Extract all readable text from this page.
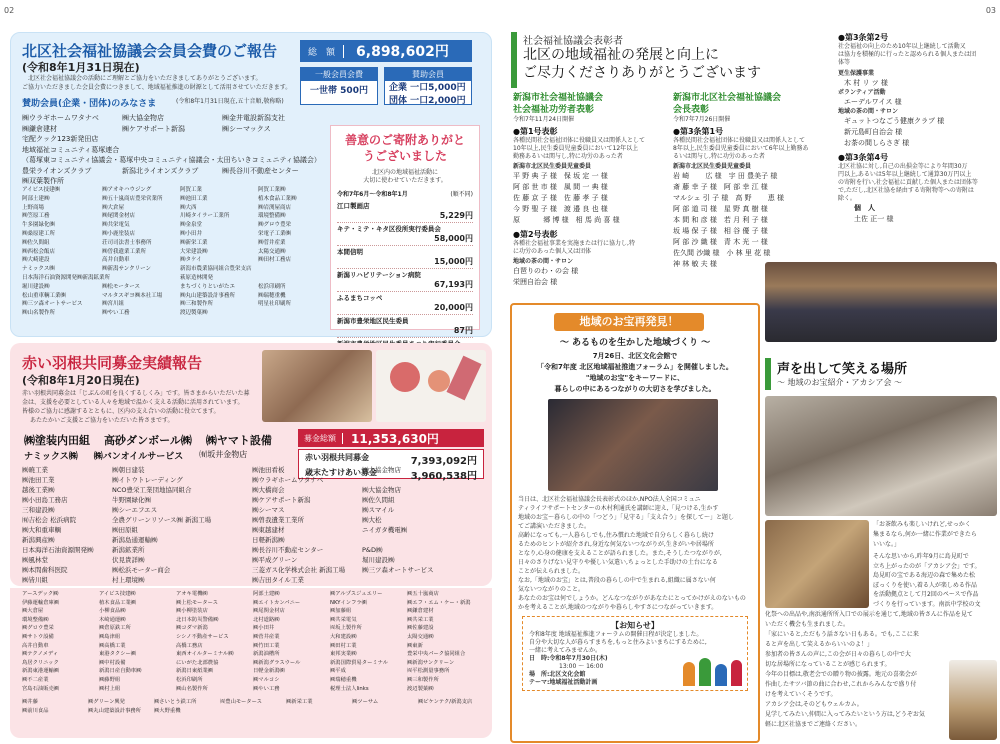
02
北区社会福祉協議会会員会費のご報告
(令和8年1月31日現在)
北区社会福祉協議会の活動にご理解とご協力をいただきましてありがとうございます。
ご協力いただきました会員会費につきまして、地域福祉推進の財源として活用させていただきます。
賛助会員(企業・団体)のみなさま	(令和8年1月31日現在,五十音順,敬称略)
総　額	6,898,602円
一般会員会費
一世帯 500円
賛助会員
企業 一口5,000円
団体 一口2,000円
㈱ウラギホームワタナベ	㈱大協金物店	㈱金井電設新潟支社
㈱鎌倉建材	㈱ケアサポート新潟	㈱シーマックス
宅配クック123新発田店
地域福祉コミュニティ葛塚連合
（葛塚東コミュニティ協議会・葛塚中央コミュニティ協議会・太田ちいきコミュニティ協議会）
豊栄ライオンズクラブ	新潟北ライオンズクラブ	㈱長谷川不動産センター
㈱双葉製作所
アイビス技建㈱	㈱アオキハウジング	阿賀工業	阿賀工業㈱
阿部土建㈱	㈱五十嵐商店豊栄営業所	㈱池田工業	植木食品工業㈱
上野商場	㈱大倉屋	㈱大西	㈱岩渕屋商店
㈱笠原工務	㈱尾関金材店	川崎タイラー工業所	環境整備㈱
牛多園緑化㈱	㈱共栄電気	㈱金泉堂	㈱グロウ豊栄
㈱桑原建工所	㈱小鹿塗装店	㈱小田井	栄電子工業㈱
㈱佐久間組	荘司司法書士事務所	㈱新栄工業	㈱菅井産業
㈱西松会飯店	㈱曽我遺業工業所	大栄建設㈱	太陽交通㈱
㈱大崎建設	高井自動車	㈱タケイ	㈱田村工務店
ナミックス㈱	㈱新潟サンクリーン	新潟市農業協同組合豊栄支店

日本海洋石油資源開発㈱新潟鉱業所	萩原造林開発

堀川建設㈱	㈱松モータース	まちづくりといがたエ	松浜印刷所
松山重車輌工業㈱	マルタスギヨ㈱本社工場	㈱丸山建築設計事務所	㈱瑞穂重機
㈱三ツ森オートサービス	㈱宮川組	㈱三和製作所	明星社印刷所
㈱山名製作所	㈱やい工務	渡辺製菓㈱
善意のご寄附ありがとうございました
北区内の地域福祉活動に
大切に使わせていただきます。
令和7年6月～令和8年1月	(順不同)
江口製画店
5,229円
キテ・ミテ・キタ区役所実行委員会
58,000円
本間信明
15,000円
新潟リハビリテーション病院
67,193円
ふるまちコッペ
20,000円
新潟市豊栄地区民生委員
87円
赤い羽根共同募金実績報告
(令和8年1月20日現在)
赤い羽根共同募金は「じぶんの町を良くするしくみ」です。皆さまからいただいた募
金は、支援を必要としている人々を地域で温かく支える活動に活用されています。
皆様のご協力に感謝するとともに、区内の支え合いの活動に役立てます。
あたたかいご支援とご協力をいただいた皆さまです。
㈱塗装内田組 高砂ダンボール㈱ ㈱ヤマト設備
ナミックス㈱ ㈱バンオイルサービス ㈲坂井金物店
募金総額	11,353,630円
赤い羽根共同募金	7,393,092円
歳末たすけあい募金	3,960,538円
㈱暁工業	㈱朝日建装	㈱池田看板	㈱大協金物店
㈱池田工業	㈱イトウトレーディング	㈱ウラギホームワタナベ
越後工業㈱	NCO豊栄工業団地協同組合	㈱大橋商会	㈱大協金物店
㈱小田島工務店	牛野園緑化㈱	㈱ケアサポート新潟	㈱佐久間組
三和建設㈱	㈱シーエフエス	㈱シーマス	㈱スマイル
㈲吉松会 松浜病院	全農グリーンリソース㈱ 新潟工場	㈱曽我遺業工業所	㈱大松
㈱大和重車輌	㈱田原組	㈱東越建材	ニイガタ機電㈱
新潟興産㈱	新潟島通運輸㈱	日軽新潟㈱
日本海洋石油資源開発㈱	新潟鉱業所	㈱長谷川不動産センター	P&D㈱
㈱風林堂	伏見貴詳㈱	㈱平成グリーン	堀川建設㈱
㈱本間歯科医院	㈱松浜モーター商会	三菱ガス化学株式会社 新潟工場	㈱三ツ森オートサービス
㈱皆川組	村上環境㈱	㈱吉田タイル工業
アースデック㈱	アイビス技建㈱	アオキ電機㈱	阿部土建㈱	㈱アルプスジュエリー	㈱五十嵐商店
伊藤運輸倉庫㈱	植木食品工業㈱	㈱上松モータース	㈱エイトカンパニー	NKYインフラ㈱	㈱エフ・エム・ケー・新潟
㈱大倉屋	小柳食品㈱	㈱小柳塗装店	㈱尾関金材店	㈱加藤組	㈱鎌倉建材
環境整備㈱	木崎通運㈱	北日本防災警備㈱	北村道路㈱	㈱共栄電気	㈱共栄工業
㈱グロウ豊栄	㈱倉原鉄工所	㈱コダマ新潟	㈱小田井	㈲坂上製作所	㈱佐藤建設
㈱サトウ設備	㈱島津組	シシノ不動産サービス	㈱菅井産業	大和建設㈱	太陽交通㈱
高井自動車	㈱高橋工業	高橋工務店	㈱竹田工業	㈱田村工業	㈱東新
㈱テクノメディ	東港タクシー㈱	東西オイルターミナル㈱	新潟油槽所	東邦実業㈱	豊栄中央パーク協同組合
鳥居クリニック	㈱中村設備	にいがた北部農協	㈱新潟グラスウール	新潟国際貿易ターミナル	㈱新潟サンクリーン
新潟東港運輸㈱	新潟日産自動車㈱	新潟日東紙業㈱	日軽金新潟㈱	㈱平成	㈲平松測量事務所
㈱不二産業	㈱藤野組	松浜印刷所	㈱マルコシ	㈱瑞穂重機	㈱三和製作所
宮島石油販売㈱	㈱村上組	㈱山名製作所	㈱やい工務	税理士法人links	渡辺製菓㈱
㈱井藤	㈱グリーン興発	㈱さいとう鉄工所	㈲豊山モータース	㈱新栄工業	㈱ツーサム	㈱ピケンテク/新潟支店
㈱前川食品	㈱丸山建築設計事務所	㈱大野重機
03
社会福祉協議会表彰者
北区の地域福祉の発展と向上に
ご尽力くださりありがとうございます
新潟市社会福祉協議会
社会福祉功労者表彰
令和7年11月24日開催
●第1号表彰
各種民間社会福祉団体に役職員又は関係人として
10年以上,民生委員児童委員において12年以上
勤務あるいは関与し,特に功労のあった者
新潟市北区民生委員児童委員
平 野 典 子 様　保 坂 定 一 様
阿 部 世 市 様　風 間 一 典 様
佐 藤 京 子 様　佐 藤 孝 子 様
今 野 聖 子 様　渡 邉 良 也 様
原　　　 郷 博 様　相 馬 尚 喜 様
●第2号表彰
各種社会福祉事業を実施または行に協力し,特
に功労のあった個人又は団体
地域の茶の間・サロン
白琶りのわ・の会 様
栄囲自治会 様
新潟市北区社会福祉協議会
会長表彰
令和7年7月26日開催
●第3条第1号
各種民間社会福祉団体に役職員又は関係人として
8年以上,民生委員児童委員において6年以上勤務あ
るいは関与し,特に功労のあった者
新潟市北区民生委員児童委員
岩 崎　　 広 様　宇 田 豊美子 様
斎 藤 幸 子 様　阿 部 幸 江 様
マルシェ 引 子 様　高 野　　 恵 様
阿 部 道 司 様　星 野 真 樹 様
本 間 和 彦 様　若 月 利 子 様
坂 場 保 子 様　相 谷 優 子 様
阿 部 沙 織 様　青 木 光 一 様
佐久間 沙織 様　小 林 里 花 様
神 林 敏 夫 様
●第3条第2号
社会福祉の向上のため10年以上継続して活動又
は協力を積極的に行ったと認められる個人または団
体等
更生保護事業
木 村 リ ツ 様
ボランティア活動
エーデルワイス 様
地域の茶の間・サロン
ギュットつなごう健康クラブ 様
新元島町自治会 様
お茶の間しらさぎ 様
●第3条第4号
北区社協に対し,自己の出損金等により年間30万
円以上,あるいは5年以上継続して通算30万円以上
の寄附を行い,社会福祉に貢献した個人または団体等
で,ただし,北区社協を経由する寄附物等への寄附は
除く。
個　人
土佐 正一 様
地域のお宝再発見！
～ あるものを生かした地域づくり ～
7月26日、北区文化会館で
「令和7年度 北区地域福祉推進フォーラム」を開催しました。
"地域のお宝"をキーワードに、
暮らしの中にあるつながりの大切さを学びました。
当日は、北区社会福祉協議会長表彰式のほか,NPO法人全国コミュニ
ティライフサポートセンターの木村利通氏を講師に迎え,「見つける,生かす
地域のお宝～暮らしの中の「つどう」「見守る」「支え合う」を探して～」と題し
てご講演いただきました。
高齢になっても,一人暮らしでも,住み慣れた地域で自分らしく暮らし続け
るためのヒントが紹介され,身近な何気ないつながりが,生きがいや居場所
となり,心身の健康を支えることが語られました。また,そうしたつながりが,
日々のさりげない見守りや優しい気遣い,ちょっとした手助けの土台になる
ことが伝えられました。
なお,「地域のお宝」とは,普段の暮らしの中で生まれる,組織に属さない何
気ないつながりのこと。
あなたのお宝は何でしょうか。どんなつながりがあなたにとってかけがえのないもの
かを考えることが,地域のつながりや暮らしやすさにつながっていきます。
【お知らせ】
令和8年度 地域福祉推進フォーラムの開催日程が決定しました。
自分や大切な人が暮らすまちを,もっと住みよいまちにするために,
一緒に考えてみませんか。
日　時:令和8年7月30日(木)
13:00 ～ 16:00
場　所:北区文化会館
テーマ:地域福祉活動計画
声を出して笑える場所
～ 地域のお宝紹介・アカシア会 ～
「お茶飲みも楽しいけれど,せっかく
集まるなら,何か一緒に作業ができたら
いいな。」
そんな思いから,昨年9月に島見町で
立ち上がったのが「アカシア会」です。
島見町の宝である海辺の森で集めた松
ぼっくりを使い,着る人が楽しめる作品
を活動拠点として月2回のペースで作品
づくりを行っています。南浜中学校の文
化祭への出品や,南浜通所所入口での展示を通じて,地域の皆さんに作品を見て
いただく機会も生まれました。
「家にいると,ただもう話さない日もある。でも,ここに来
ると声を出して笑えるからいいのよ！」
参加者の皆さんの声に,この会が日々の暮らしの中で大
切な居場所になっていることが感じられます。
今年の目標は,敬老会での贈り物の披露。地元の喜楽会が
作曲したサツバ節の曲に合わせ,これからみんなで盛り付
けを考えていくそうです。
アカシア会は,そのどもウェルカム。
見学してみたい,仲間に入ってみたいという方は,どうぞお気
軽に北区社協までご連絡ください。
